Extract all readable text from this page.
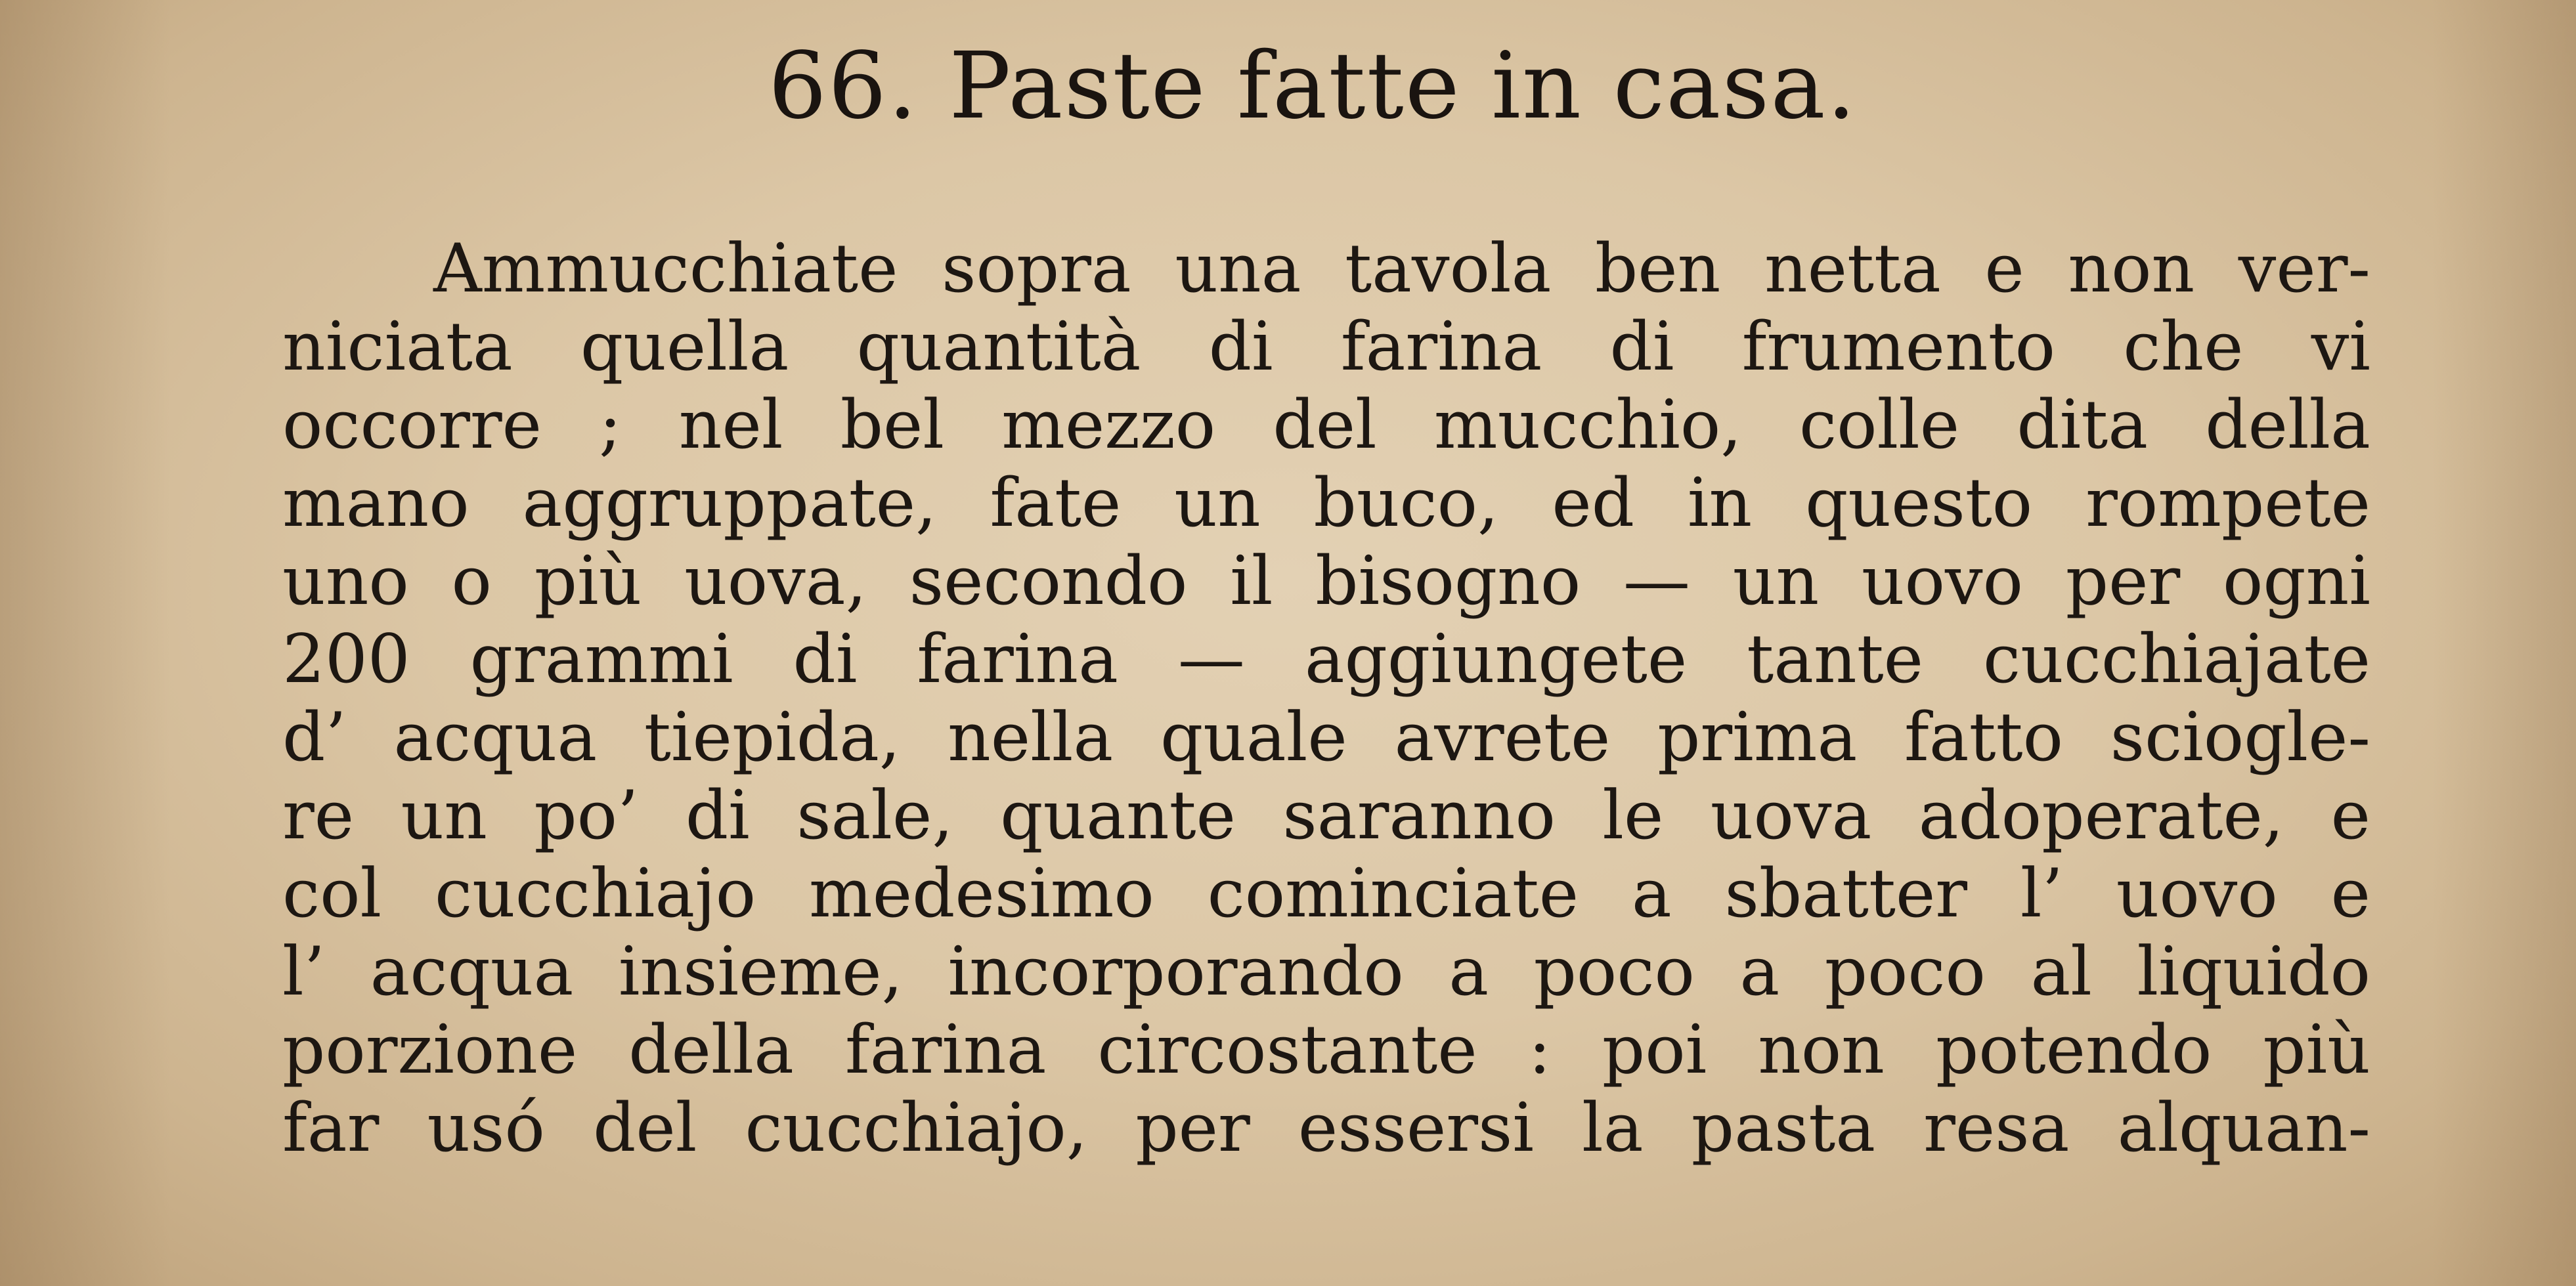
66. Paste fatte in casa.
Ammucchiate sopra una tavola ben netta e non ver-
niciata quella quantità di farina di frumento che vi
occorre ; nel bel mezzo del mucchio, colle dita della
mano aggruppate, fate un buco, ed in questo rompete
uno o più uova, secondo il bisogno — un uovo per ogni
200 grammi di farina — aggiungete tante cucchiajate
d’ acqua tiepida, nella quale avrete prima fatto sciogle-
re un po’ di sale, quante saranno le uova adoperate, e
col cucchiajo medesimo cominciate a sbatter l’ uovo e
l’ acqua insieme, incorporando a poco a poco al liquido
porzione della farina circostante : poi non potendo più
far usó del cucchiajo, per essersi la pasta resa alquan-
